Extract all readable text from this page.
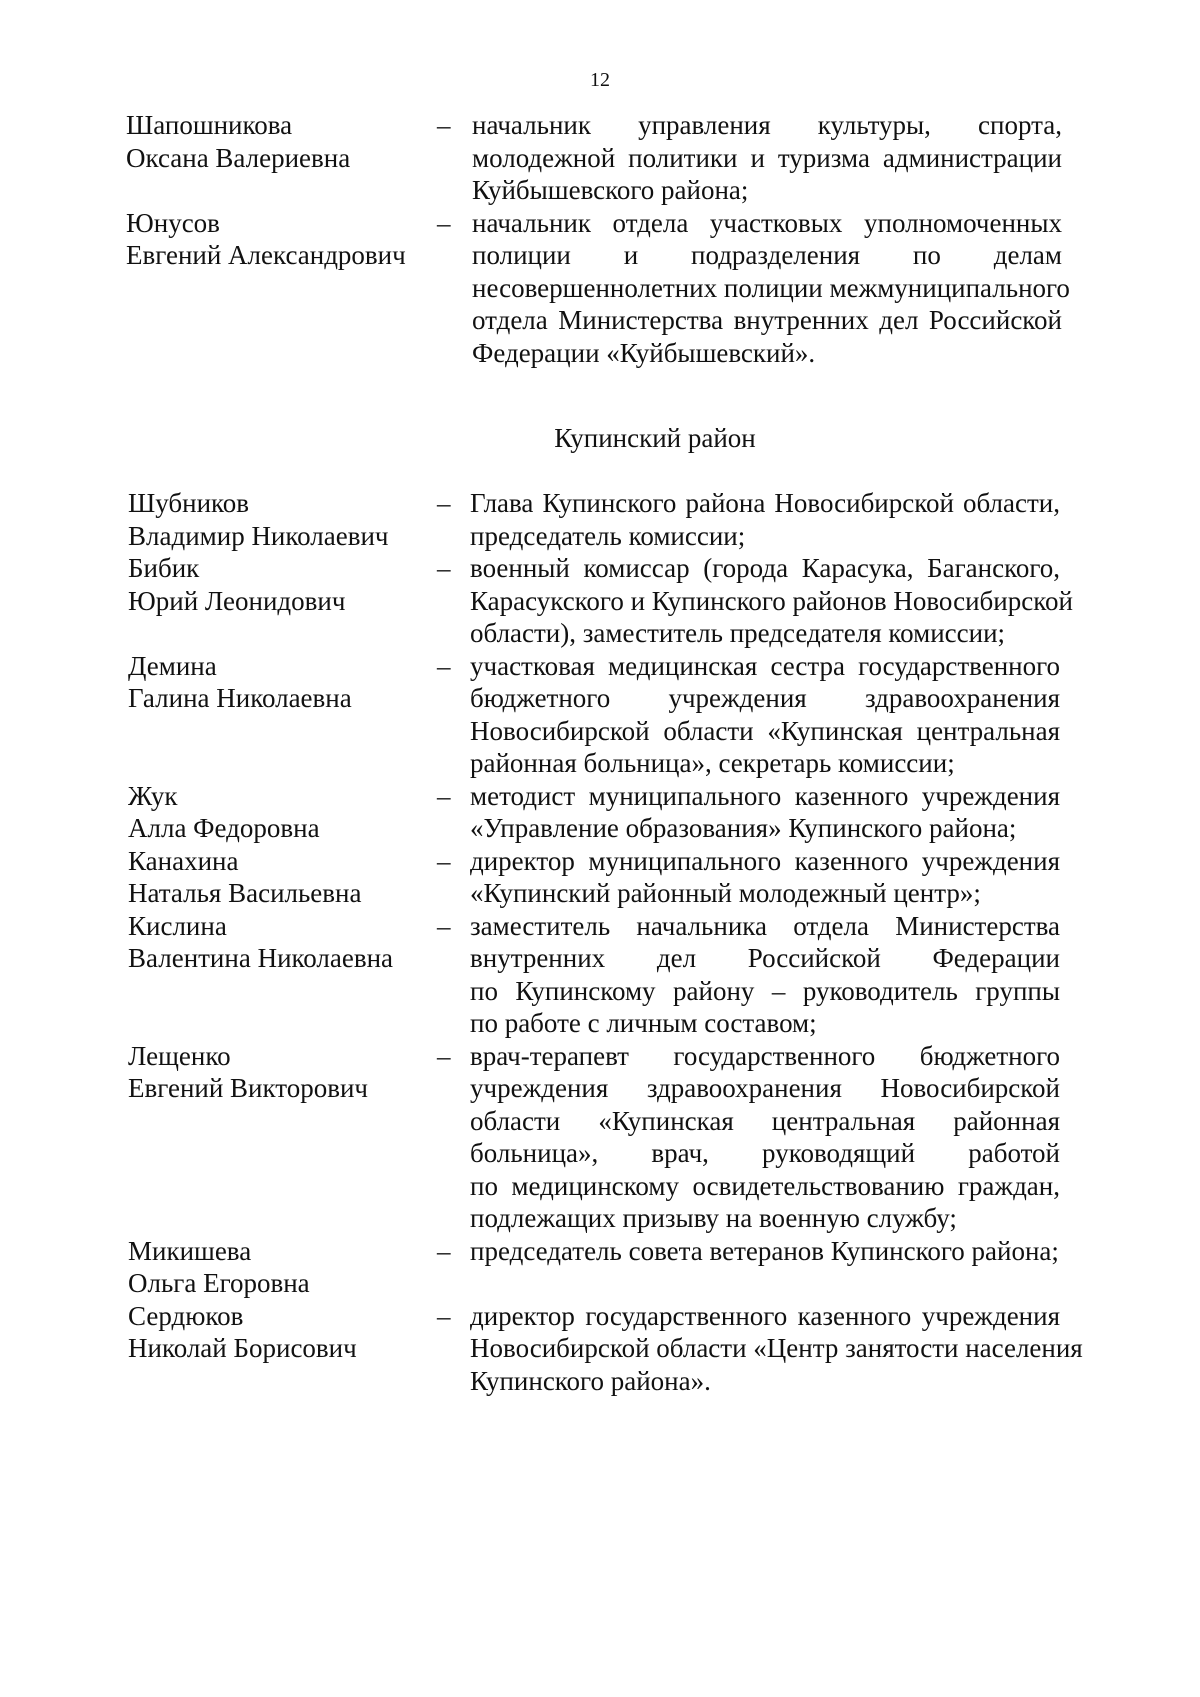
12
Шапошникова
Оксана Валериевна
– начальник управления культуры, спорта,
молодежной политики и туризма администрации
Куйбышевского района;
Юнусов
Евгений Александрович
– начальник отдела участковых уполномоченных
полиции и подразделения по делам
несовершеннолетних полиции межмуниципального
отдела Министерства внутренних дел Российской
Федерации «Куйбышевский».
Купинский район
Шубников
Владимир Николаевич
– Глава Купинского района Новосибирской области,
председатель комиссии;
Бибик
Юрий Леонидович
– военный комиссар (города Карасука, Баганского,
Карасукского и Купинского районов Новосибирской
области), заместитель председателя комиссии;
Демина
Галина Николаевна
– участковая медицинская сестра государственного
бюджетного учреждения здравоохранения
Новосибирской области «Купинская центральная
районная больница», секретарь комиссии;
Жук
Алла Федоровна
– методист муниципального казенного учреждения
«Управление образования» Купинского района;
Канахина
Наталья Васильевна
– директор муниципального казенного учреждения
«Купинский районный молодежный центр»;
Кислина
Валентина Николаевна
– заместитель начальника отдела Министерства
внутренних дел Российской Федерации
по Купинскому району – руководитель группы
по работе с личным составом;
Лещенко
Евгений Викторович
– врач-терапевт государственного бюджетного
учреждения здравоохранения Новосибирской
области «Купинская центральная районная
больница», врач, руководящий работой
по медицинскому освидетельствованию граждан,
подлежащих призыву на военную службу;
Микишева
Ольга Егоровна
– председатель совета ветеранов Купинского района;
Сердюков
Николай Борисович
– директор государственного казенного учреждения
Новосибирской области «Центр занятости населения
Купинского района».
